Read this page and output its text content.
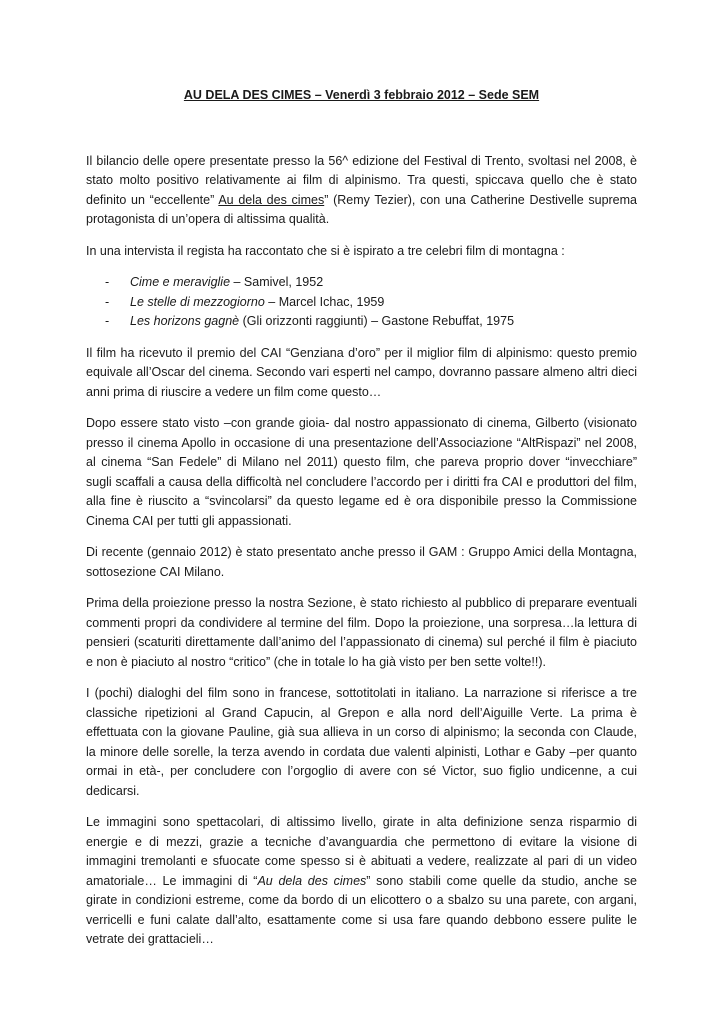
AU DELA DES CIMES – Venerdì 3 febbraio 2012 – Sede SEM

Il bilancio delle opere presentate presso la 56^ edizione del Festival di Trento, svoltasi nel 2008, è stato molto positivo relativamente ai film di alpinismo. Tra questi, spiccava quello che è stato definito un “eccellente” Au dela des cimes” (Remy Tezier), con una Catherine Destivelle suprema protagonista di un’opera di altissima qualità.

In una intervista il regista ha raccontato che si è ispirato a tre celebri film di montagna :

- Cime e meraviglie – Samivel, 1952
- Le stelle di mezzogiorno – Marcel Ichac, 1959
- Les horizons gagnè (Gli orizzonti raggiunti) – Gastone Rebuffat, 1975

Il film ha ricevuto il premio del CAI “Genziana d’oro” per il miglior film di alpinismo: questo premio equivale all’Oscar del cinema. Secondo vari esperti nel campo, dovranno passare almeno altri dieci anni prima di riuscire a vedere un film come questo…

Dopo essere stato visto –con grande gioia- dal nostro appassionato di cinema, Gilberto (visionato presso il cinema Apollo in occasione di una presentazione dell’Associazione “AltRispazi” nel 2008, al cinema “San Fedele” di Milano nel 2011) questo film, che pareva proprio dover “invecchiare” sugli scaffali a causa della difficoltà nel concludere l’accordo per i diritti fra CAI e produttori del film, alla fine è riuscito a “svincolarsi” da questo legame ed è ora disponibile presso la Commissione Cinema CAI per tutti gli appassionati.

Di recente (gennaio 2012) è stato presentato anche presso il GAM : Gruppo Amici della Montagna, sottosezione CAI Milano.

Prima della proiezione presso la nostra Sezione, è stato richiesto al pubblico di preparare eventuali commenti propri da condividere al termine del film. Dopo la proiezione, una sorpresa…la lettura di pensieri (scaturiti direttamente dall’animo del l’appassionato di cinema) sul perché il film è piaciuto e non è piaciuto al nostro “critico” (che in totale lo ha già visto per ben sette volte!!).

I (pochi) dialoghi del film sono in francese, sottotitolati in italiano. La narrazione si riferisce a tre classiche ripetizioni al Grand Capucin, al Grepon e alla nord dell’Aiguille Verte. La prima è effettuata con la giovane Pauline, già sua allieva in un corso di alpinismo; la seconda con Claude, la minore delle sorelle, la terza avendo in cordata due valenti alpinisti, Lothar e Gaby –per quanto ormai in età-, per concludere con l’orgoglio di avere con sé Victor, suo figlio undicenne, a cui dedicarsi.

Le immagini sono spettacolari, di altissimo livello, girate in alta definizione senza risparmio di energie e di mezzi, grazie a tecniche d’avanguardia che permettono di evitare la visione di immagini tremolanti e sfuocate come spesso si è abituati a vedere, realizzate al pari di un video amatoriale… Le immagini di “Au dela des cimes” sono stabili come quelle da studio, anche se girate in condizioni estreme, come da bordo di un elicottero o a sbalzo su una parete, con argani, verricelli e funi calate dall’alto, esattamente come si usa fare quando debbono essere pulite le vetrate dei grattacieli…
